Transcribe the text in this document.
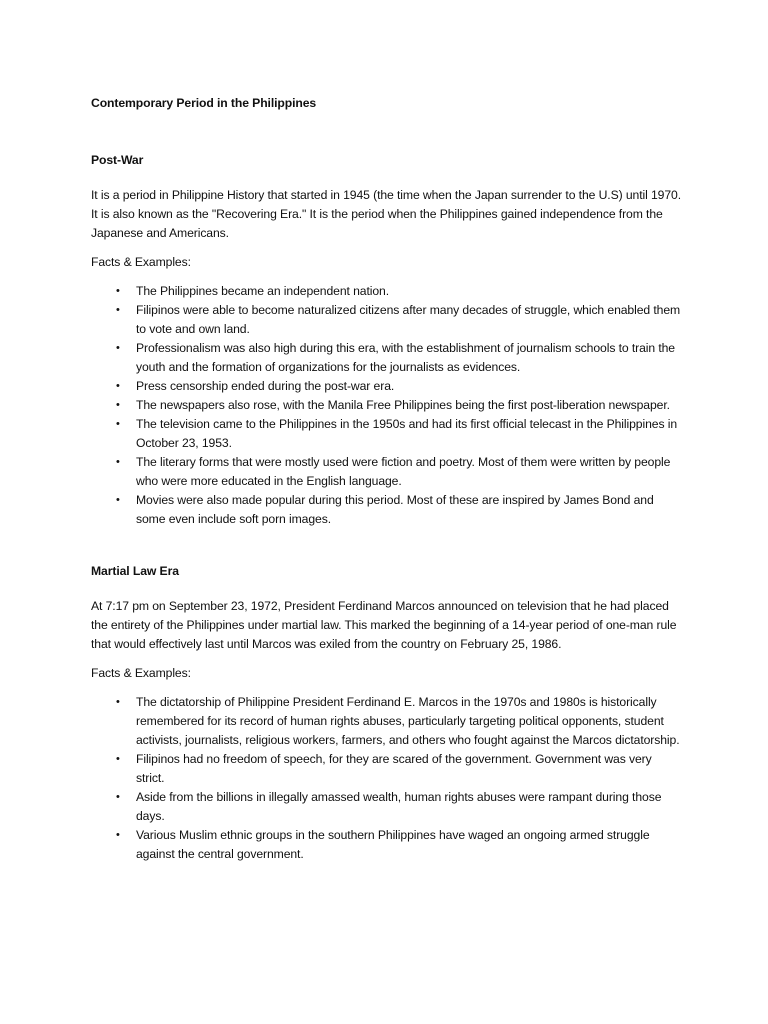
Contemporary Period in the Philippines

Post-War

It is a period in Philippine History that started in 1945 (the time when the Japan surrender to the U.S) until 1970. It is also known as the "Recovering Era." It is the period when the Philippines gained independence from the Japanese and Americans.

Facts & Examples:

• The Philippines became an independent nation.
• Filipinos were able to become naturalized citizens after many decades of struggle, which enabled them to vote and own land.
• Professionalism was also high during this era, with the establishment of journalism schools to train the youth and the formation of organizations for the journalists as evidences.
• Press censorship ended during the post-war era.
• The newspapers also rose, with the Manila Free Philippines being the first post-liberation newspaper.
• The television came to the Philippines in the 1950s and had its first official telecast in the Philippines in October 23, 1953.
• The literary forms that were mostly used were fiction and poetry. Most of them were written by people who were more educated in the English language.
• Movies were also made popular during this period. Most of these are inspired by James Bond and some even include soft porn images.

Martial Law Era

At 7:17 pm on September 23, 1972, President Ferdinand Marcos announced on television that he had placed the entirety of the Philippines under martial law. This marked the beginning of a 14-year period of one-man rule that would effectively last until Marcos was exiled from the country on February 25, 1986.

Facts & Examples:

• The dictatorship of Philippine President Ferdinand E. Marcos in the 1970s and 1980s is historically remembered for its record of human rights abuses, particularly targeting political opponents, student activists, journalists, religious workers, farmers, and others who fought against the Marcos dictatorship.
• Filipinos had no freedom of speech, for they are scared of the government. Government was very strict.
• Aside from the billions in illegally amassed wealth, human rights abuses were rampant during those days.
• Various Muslim ethnic groups in the southern Philippines have waged an ongoing armed struggle against the central government.
